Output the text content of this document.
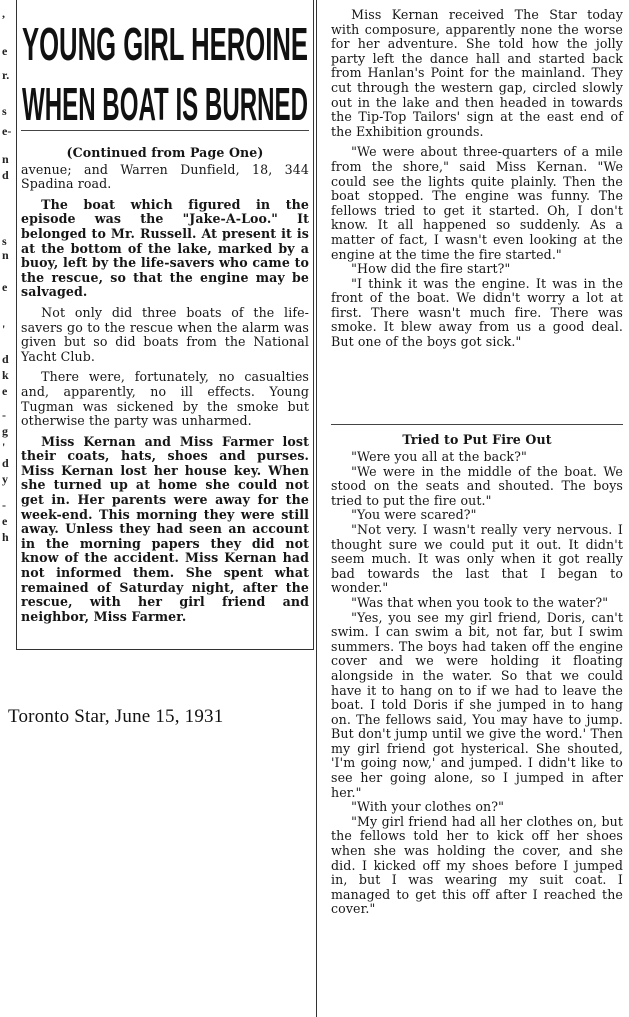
,
e
r.
s
e-
n
d
s
n
e
'
d
k
e
-
g
'
d
y
-
e
h
YOUNG GIRL HEROINE
WHEN BOAT IS BURNED

(Continued from Page One)

avenue; and Warren Dunfield, 18, 344 Spadina road.

The boat which figured in the episode was the "Jake-A-Loo." It belonged to Mr. Russell. At present it is at the bottom of the lake, marked by a buoy, left by the life-savers who came to the rescue, so that the engine may be salvaged.

Not only did three boats of the life-savers go to the rescue when the alarm was given but so did boats from the National Yacht Club.

There were, fortunately, no casualties and, apparently, no ill effects. Young Tugman was sickened by the smoke but otherwise the party was unharmed.

Miss Kernan and Miss Farmer lost their coats, hats, shoes and purses. Miss Kernan lost her house key. When she turned up at home she could not get in. Her parents were away for the week-end. This morning they were still away. Unless they had seen an account in the morning papers they did not know of the accident. Miss Kernan had not informed them. She spent what remained of Saturday night, after the rescue, with her girl friend and neighbor, Miss Farmer.

Toronto Star, June 15, 1931

Miss Kernan received The Star today with composure, apparently none the worse for her adventure. She told how the jolly party left the dance hall and started back from Hanlan's Point for the mainland. They cut through the western gap, circled slowly out in the lake and then headed in towards the Tip-Top Tailors' sign at the east end of the Exhibition grounds.

"We were about three-quarters of a mile from the shore," said Miss Kernan. "We could see the lights quite plainly. Then the boat stopped. The engine was funny. The fellows tried to get it started. Oh, I don't know. It all happened so suddenly. As a matter of fact, I wasn't even looking at the engine at the time the fire started."

"How did the fire start?"

"I think it was the engine. It was in the front of the boat. We didn't worry a lot at first. There wasn't much fire. There was smoke. It blew away from us a good deal. But one of the boys got sick."

Tried to Put Fire Out

"Were you all at the back?"

"We were in the middle of the boat. We stood on the seats and shouted. The boys tried to put the fire out."

"You were scared?"

"Not very. I wasn't really very nervous. I thought sure we could put it out. It didn't seem much. It was only when it got really bad towards the last that I began to wonder."

"Was that when you took to the water?"

"Yes, you see my girl friend, Doris, can't swim. I can swim a bit, not far, but I swim summers. The boys had taken off the engine cover and we were holding it floating alongside in the water. So that we could have it to hang on to if we had to leave the boat. I told Doris if she jumped in to hang on. The fellows said, You may have to jump. But don't jump until we give the word.' Then my girl friend got hysterical. She shouted, 'I'm going now,' and jumped. I didn't like to see her going alone, so I jumped in after her."

"With your clothes on?"

"My girl friend had all her clothes on, but the fellows told her to kick off her shoes when she was holding the cover, and she did. I kicked off my shoes before I jumped in, but I was wearing my suit coat. I managed to get this off after I reached the cover."
